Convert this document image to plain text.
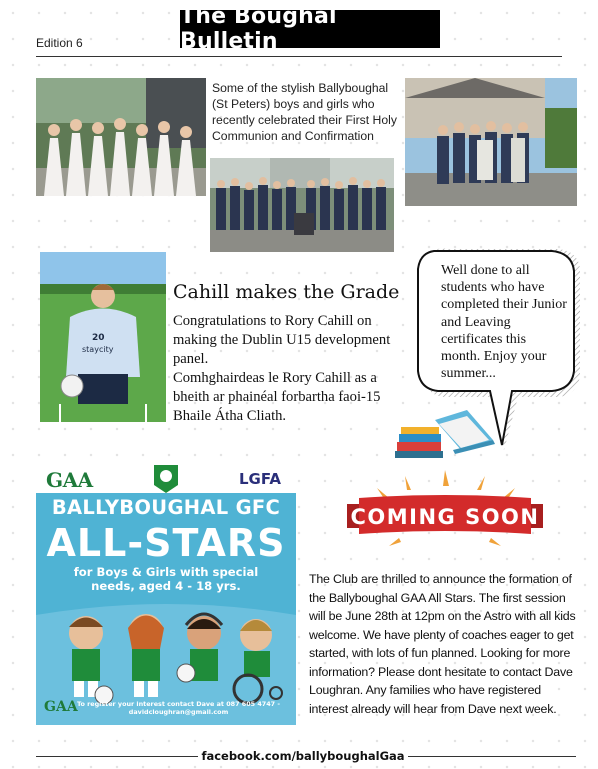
The Boughal Bulletin
Edition 6
Some of the stylish Ballyboughal (St Peters) boys and girls who recently celebrated their First Holy Communion and Confirmation
20
staycity
Cahill makes the Grade

Congratulations to Rory Cahill on making the Dublin U15 development panel.

Comhghairdeas le Rory Cahill as a bheith ar phainéal forbartha faoi-15 Bhaile Átha Cliath.

Well done to all students who have completed their Junior and Leaving certificates this month. Enjoy your summer...
COMING SOON
GAA	LGFA
BALLYBOUGHAL GFC
ALL-STARS
for Boys & Girls with special needs, aged 4 - 18 yrs.
GAA To register your interest contact Dave at 087 605 4747 - davidcloughran@gmail.com
The Club are thrilled to announce the formation of the Ballyboughal GAA All Stars. The first session will be June 28th at 12pm on the Astro with all kids welcome. We have plenty of coaches eager to get started, with lots of fun planned. Looking for more information? Please dont hesitate to contact Dave Loughran. Any families who have registered interest already will hear from Dave next week.
facebook.com/ballyboughalGaa
